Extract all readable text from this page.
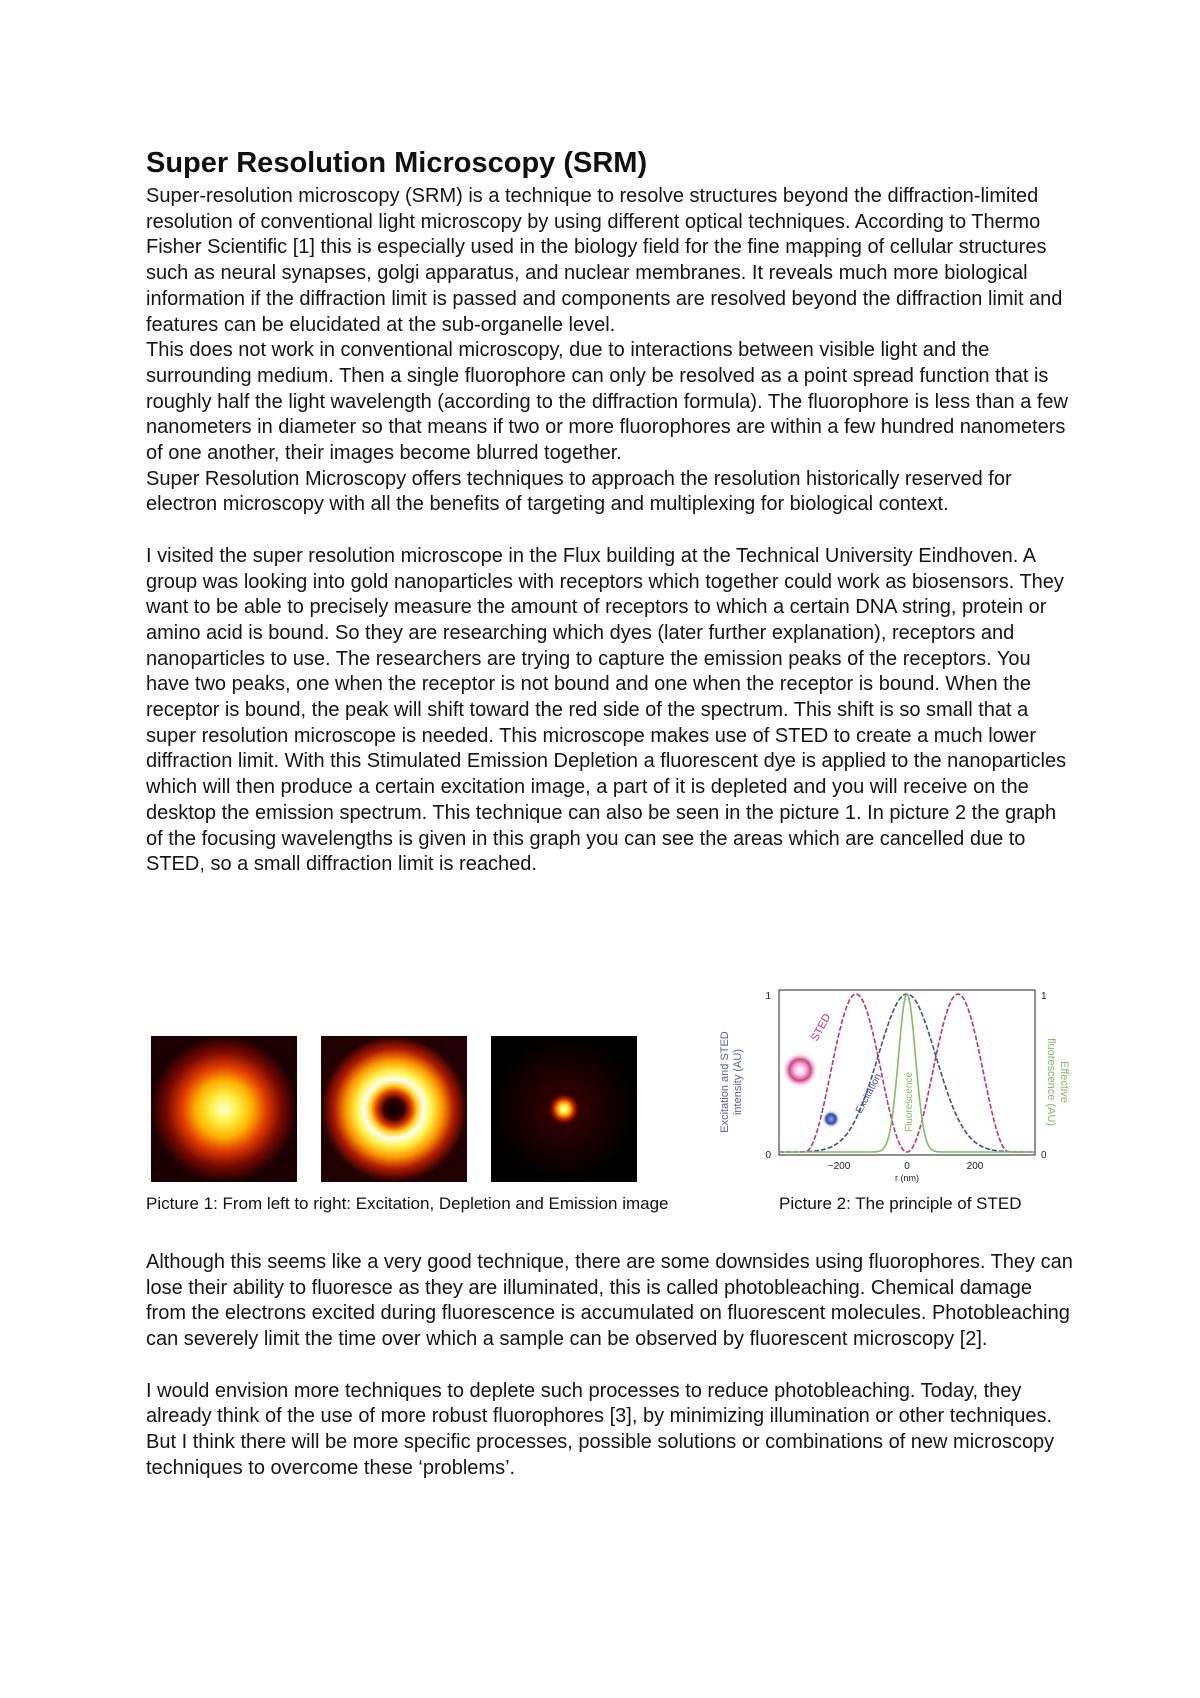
Super Resolution Microscopy (SRM)

Super-resolution microscopy (SRM) is a technique to resolve structures beyond the diffraction-limited resolution of conventional light microscopy by using different optical techniques. According to Thermo Fisher Scientific [1] this is especially used in the biology field for the fine mapping of cellular structures such as neural synapses, golgi apparatus, and nuclear membranes. It reveals much more biological information if the diffraction limit is passed and components are resolved beyond the diffraction limit and features can be elucidated at the sub-organelle level.

This does not work in conventional microscopy, due to interactions between visible light and the surrounding medium. Then a single fluorophore can only be resolved as a point spread function that is roughly half the light wavelength (according to the diffraction formula). The fluorophore is less than a few nanometers in diameter so that means if two or more fluorophores are within a few hundred nanometers of one another, their images become blurred together.

Super Resolution Microscopy offers techniques to approach the resolution historically reserved for electron microscopy with all the benefits of targeting and multiplexing for biological context.

I visited the super resolution microscope in the Flux building at the Technical University Eindhoven. A group was looking into gold nanoparticles with receptors which together could work as biosensors. They want to be able to precisely measure the amount of receptors to which a certain DNA string, protein or amino acid is bound. So they are researching which dyes (later further explanation), receptors and nanoparticles to use. The researchers are trying to capture the emission peaks of the receptors. You have two peaks, one when the receptor is not bound and one when the receptor is bound. When the receptor is bound, the peak will shift toward the red side of the spectrum. This shift is so small that a super resolution microscope is needed. This microscope makes use of STED to create a much lower diffraction limit. With this Stimulated Emission Depletion a fluorescent dye is applied to the nanoparticles which will then produce a certain excitation image, a part of it is depleted and you will receive on the desktop the emission spectrum. This technique can also be seen in the picture 1. In picture 2 the graph of the focusing wavelengths is given in this graph you can see the areas which are cancelled due to STED, so a small diffraction limit is reached.

Excitation and STED intensity (AU)	Effective
fluorescence (AU)
1
0
1
0
−200	0	200
r (nm)
STED
Excitation Fluorescence
Picture 1: From left to right: Excitation, Depletion and Emission image	Picture 2: The principle of STED

Although this seems like a very good technique, there are some downsides using fluorophores. They can lose their ability to fluoresce as they are illuminated, this is called photobleaching. Chemical damage from the electrons excited during fluorescence is accumulated on fluorescent molecules. Photobleaching can severely limit the time over which a sample can be observed by fluorescent microscopy [2].

I would envision more techniques to deplete such processes to reduce photobleaching. Today, they already think of the use of more robust fluorophores [3], by minimizing illumination or other techniques. But I think there will be more specific processes, possible solutions or combinations of new microscopy techniques to overcome these ‘problems’.
